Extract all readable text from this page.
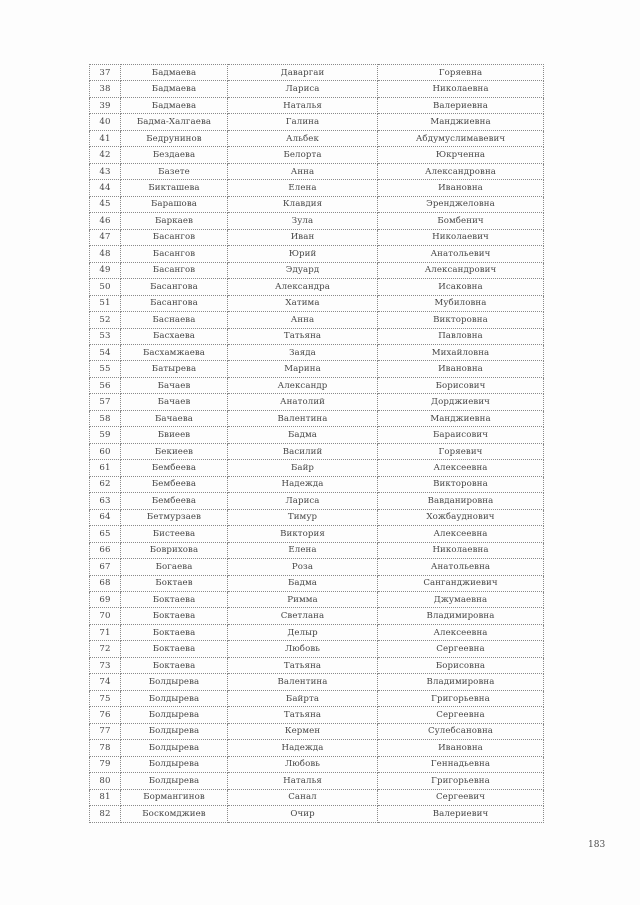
37	Бадмаева	Даваргаи	Горяевна
38	Бадмаева	Лариса	Николаевна
39	Бадмаева	Наталья	Валериевна
40	Бадма-Халгаева	Галина	Манджиевна
41	Бедрунинов	Альбек	Абдумуслимавевич
42	Бездаева	Белорта	Юкрченна
43	Базете	Анна	Александровна
44	Бикташева	Елена	Ивановна
45	Барашова	Клавдия	Эренджеловна
46	Баркаев	Зула	Бомбенич
47	Басангов	Иван	Николаевич
48	Басангов	Юрий	Анатольевич
49	Басангов	Эдуард	Александрович
50	Басангова	Александра	Исаковна
51	Басангова	Хатима	Мубиловна
52	Баснаева	Анна	Викторовна
53	Басхаева	Татьяна	Павловна
54	Басхамжаева	Заяда	Михайловна
55	Батырева	Марина	Ивановна
56	Бачаев	Александр	Борисович
57	Бачаев	Анатолий	Дорджиевич
58	Бачаева	Валентина	Манджиевна
59	Бвиеев	Бадма	Бараисович
60	Бекиеев	Василий	Горяевич
61	Бембеева	Байр	Алексеевна
62	Бембеева	Надежда	Викторовна
63	Бембеева	Лариса	Вавданировна
64	Бетмурзаев	Тимур	Хожбауднович
65	Бистеева	Виктория	Алексеевна
66	Боврихова	Елена	Николаевна
67	Богаева	Роза	Анатольевна
68	Боктаев	Бадма	Санганджиевич
69	Боктаева	Римма	Джумаевна
70	Боктаева	Светлана	Владимировна
71	Боктаева	Делыр	Алексеевна
72	Боктаева	Любовь	Сергеевна
73	Боктаева	Татьяна	Борисовна
74	Болдырева	Валентина	Владимировна
75	Болдырева	Байрта	Григорьевна
76	Болдырева	Татьяна	Сергеевна
77	Болдырева	Кермен	Сулебсановна
78	Болдырева	Надежда	Ивановна
79	Болдырева	Любовь	Геннадьевна
80	Болдырева	Наталья	Григорьевна
81	Бормангинов	Санал	Сергеевич
82	Боскомджиев	Очир	Валериевич
183
